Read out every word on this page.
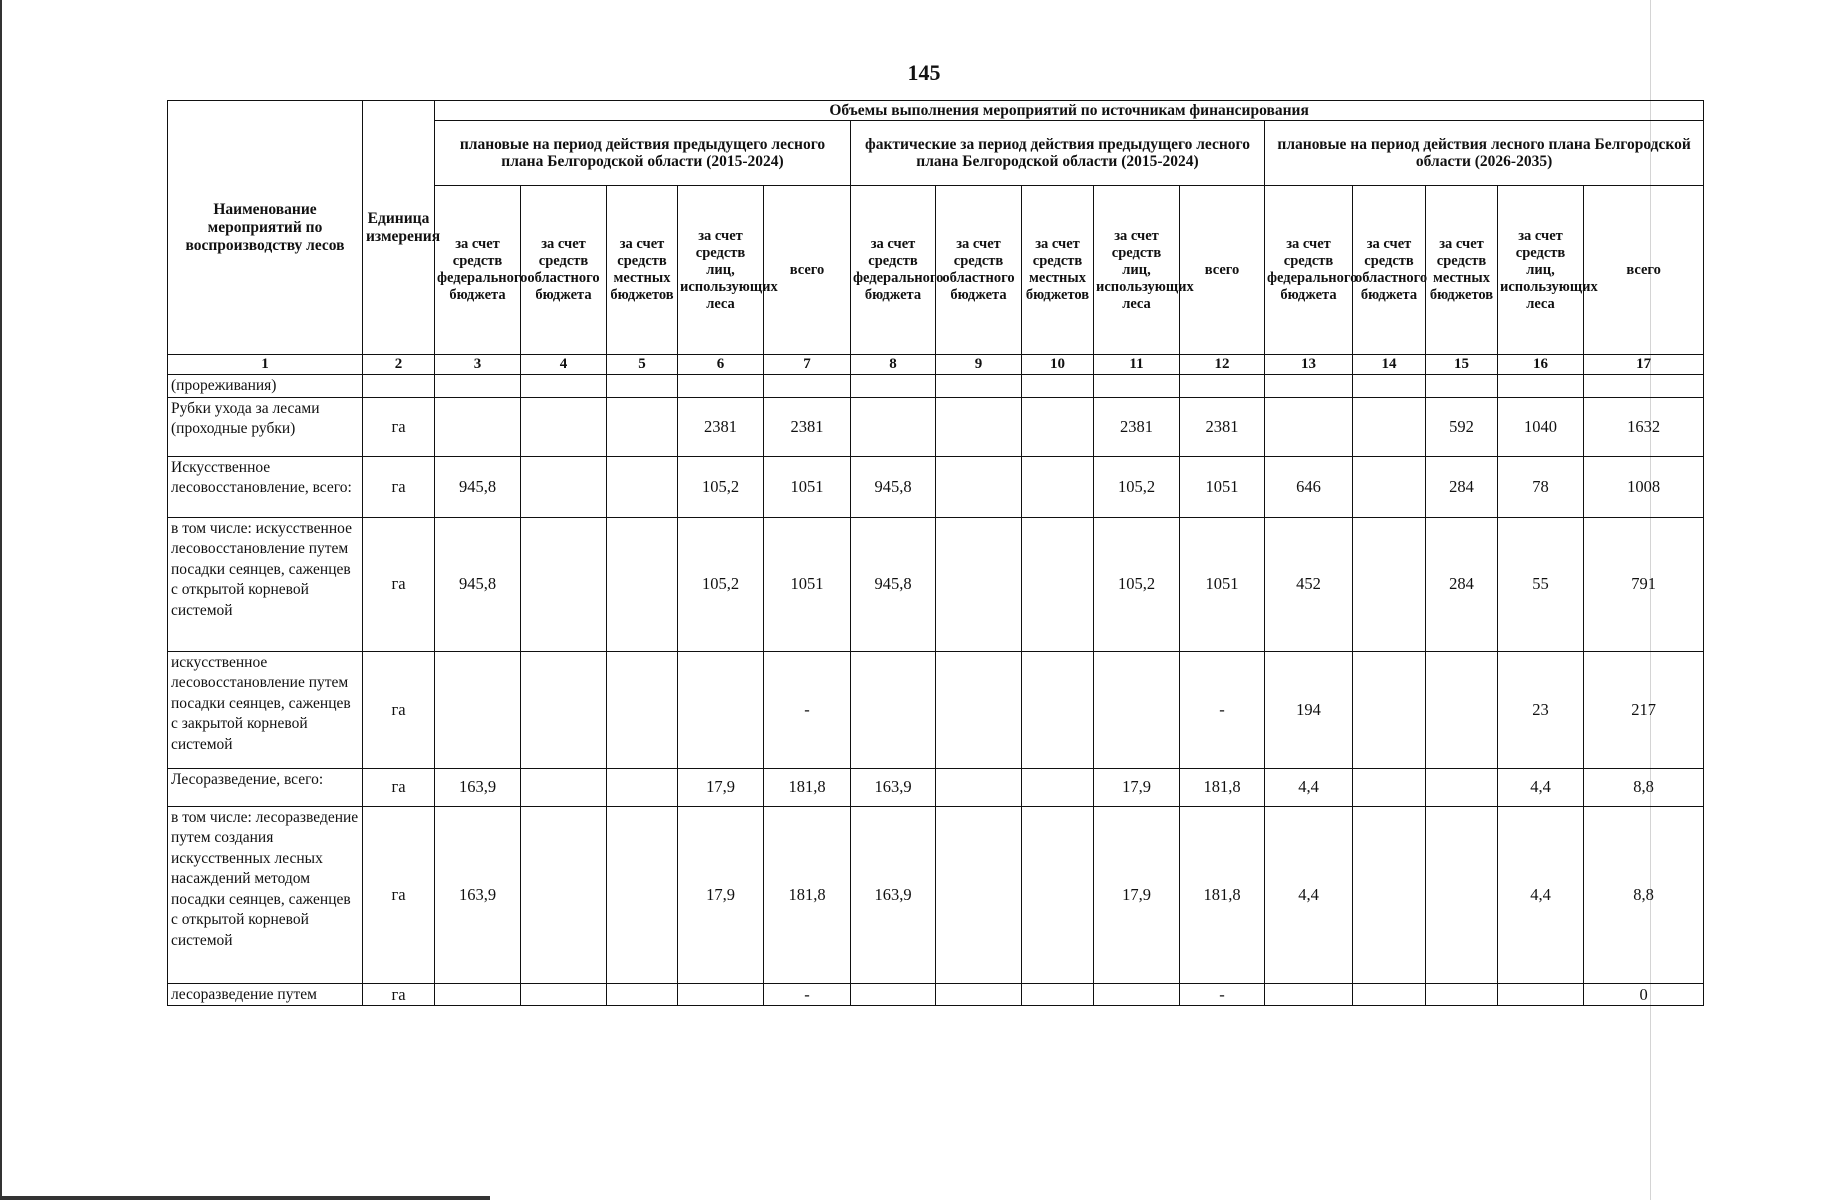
145
Наименование мероприятий по воспроизводству лесов	Единица измерения	Объемы выполнения мероприятий по источникам финансирования														
		плановые на период действия предыдущего лесного плана Белгородской области (2015-2024)					фактические за период действия предыдущего лесного плана Белгородской области (2015-2024)					плановые на период действия лесного плана Белгородской области (2026-2035)				
		за счет средств федерального бюджета	за счет средств областного бюджета	за счет средств местных бюджетов	за счет средств лиц, использующих леса	всего	за счет средств федерального бюджета	за счет средств областного бюджета	за счет средств местных бюджетов	за счет средств лиц, использующих леса	всего	за счет средств федерального бюджета	за счет средств областного бюджета	за счет средств местных бюджетов	за счет средств лиц, использующих леса	всего
1	2	3	4	5	6	7	8	9	10	11	12	13	14	15	16	17
(прореживания)																
Рубки ухода за лесами (проходные рубки)	га				2381	2381				2381	2381			592	1040	1632
Искусственное лесовосстановление, всего:	га	945,8			105,2	1051	945,8			105,2	1051	646		284	78	1008
в том числе: искусственное лесовосстановление путем посадки сеянцев, саженцев с открытой корневой системой	га	945,8			105,2	1051	945,8			105,2	1051	452		284	55	791
искусственное лесовосстановление путем посадки сеянцев, саженцев с закрытой корневой системой	га					-					-	194			23	217
Лесоразведение, всего:	га	163,9			17,9	181,8	163,9			17,9	181,8	4,4			4,4	8,8
в том числе: лесоразведение путем создания искусственных лесных насаждений методом посадки сеянцев, саженцев с открытой корневой системой	га	163,9			17,9	181,8	163,9			17,9	181,8	4,4			4,4	8,8
лесоразведение путем	га					-					-					0
